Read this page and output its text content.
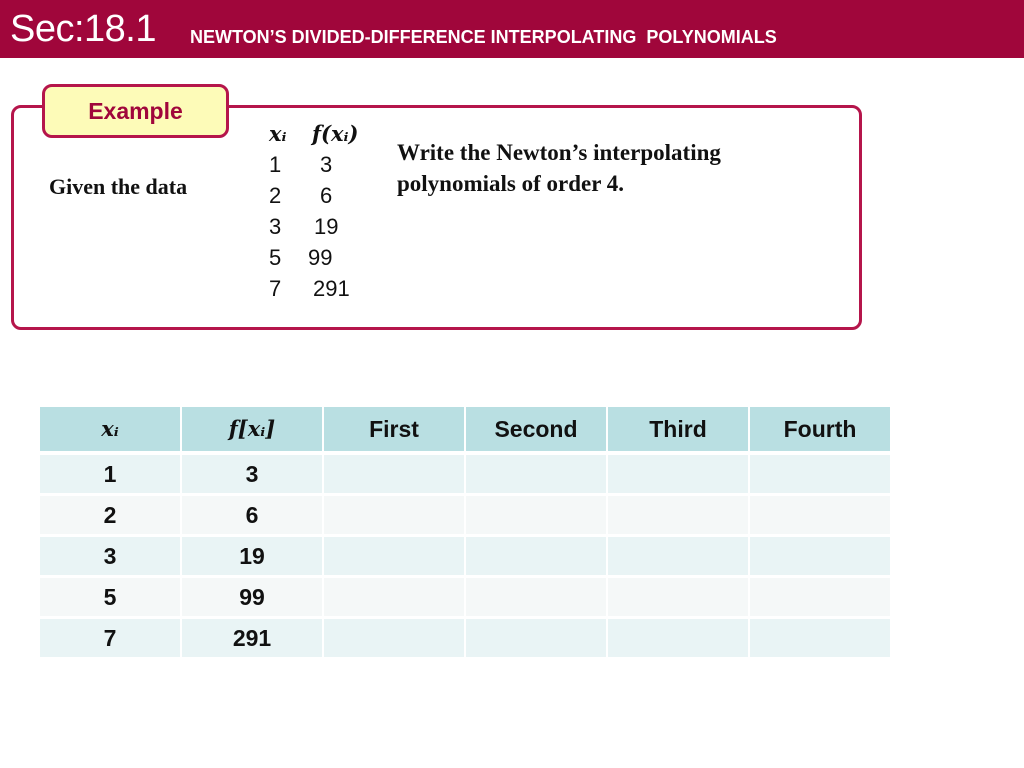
Sec:18.1 NEWTON’S DIVIDED-DIFFERENCE INTERPOLATING  POLYNOMIALS
Example
Given the data
xᵢ f(xᵢ)
1 3
2 6
3 19
5 99
7 291
Write the Newton’s interpolating polynomials of order 4.
xᵢ	f[xᵢ]	First	Second	Third	Fourth
1	3				
2	6				
3	19				
5	99				
7	291				
